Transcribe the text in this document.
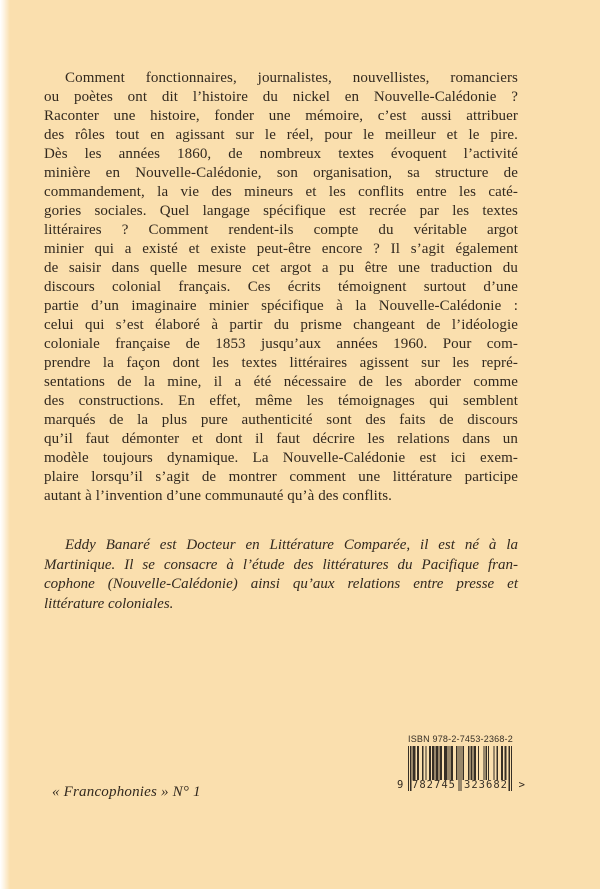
Comment fonctionnaires, journalistes, nouvellistes, romanciers
ou poètes ont dit l’histoire du nickel en Nouvelle-Calédonie ?
Raconter une histoire, fonder une mémoire, c’est aussi attribuer
des rôles tout en agissant sur le réel, pour le meilleur et le pire.
Dès les années 1860, de nombreux textes évoquent l’activité
minière en Nouvelle-Calédonie, son organisation, sa structure de
commandement, la vie des mineurs et les conflits entre les caté-
gories sociales. Quel langage spécifique est recrée par les textes
littéraires ? Comment rendent-ils compte du véritable argot
minier qui a existé et existe peut-être encore ? Il s’agit également
de saisir dans quelle mesure cet argot a pu être une traduction du
discours colonial français. Ces écrits témoignent surtout d’une
partie d’un imaginaire minier spécifique à la Nouvelle-Calédonie :
celui qui s’est élaboré à partir du prisme changeant de l’idéologie
coloniale française de 1853 jusqu’aux années 1960. Pour com-
prendre la façon dont les textes littéraires agissent sur les repré-
sentations de la mine, il a été nécessaire de les aborder comme
des constructions. En effet, même les témoignages qui semblent
marqués de la plus pure authenticité sont des faits de discours
qu’il faut démonter et dont il faut décrire les relations dans un
modèle toujours dynamique. La Nouvelle-Calédonie est ici exem-
plaire lorsqu’il s’agit de montrer comment une littérature participe
autant à l’invention d’une communauté qu’à des conflits.
Eddy Banaré est Docteur en Littérature Comparée, il est né à la
Martinique. Il se consacre à l’étude des littératures du Pacifique fran-
cophone (Nouvelle-Calédonie) ainsi qu’aux relations entre presse et
littérature coloniales.
« Francophonies » N° 1
ISBN 978-2-7453-2368-2
9 782745 323682	>
